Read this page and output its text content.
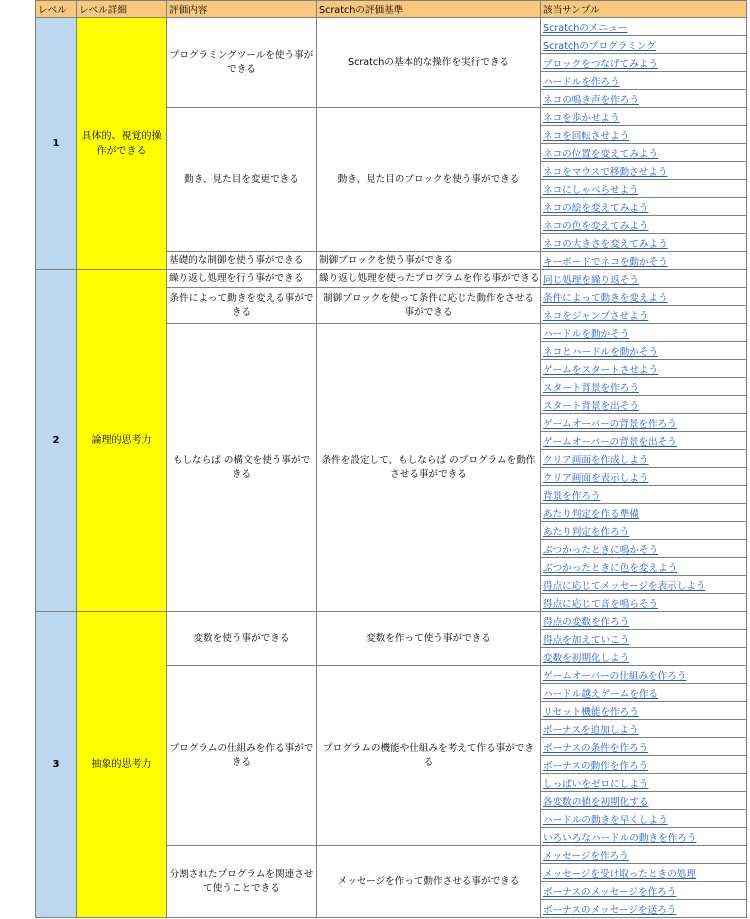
レベル	レベル詳細	評価内容	Scratchの評価基準	該当サンプル
1	具体的、視覚的操作ができる	プログラミングツールを使う事ができる	Scratchの基本的な操作を実行できる	Scratchのメニュー
				Scratchのプログラミング
				ブロックをつなげてみよう
				ハードルを作ろう
				ネコの鳴き声を作ろう
		動き、見た目を変更できる	動き、見た目のブロックを使う事ができる	ネコを歩かせよう
				ネコを回転させよう
				ネコの位置を変えてみよう
				ネコをマウスで移動させよう
				ネコにしゃべらせよう
				ネコの絵を変えてみよう
				ネコの色を変えてみよう
				ネコの大きさを変えてみよう
		基礎的な制御を使う事ができる	制御ブロックを使う事ができる	キーボードでネコを動かそう
2	論理的思考力	繰り返し処理を行う事ができる	繰り返し処理を使ったプログラムを作る事ができる	同じ処理を繰り返そう
		条件によって動きを変える事ができる	制御ブロックを使って条件に応じた動作をさせる事ができる	条件によって動きを変えよう
				ネコをジャンプさせよう
		もしならば の構文を使う事ができる	条件を設定して、もしならば のプログラムを動作させる事ができる	ハードルを動かそう
				ネコとハードルを動かそう
				ゲームをスタートさせよう
				スタート背景を作ろう
				スタート背景を出そう
				ゲームオーバーの背景を作ろう
				ゲームオーバーの背景を出そう
				クリア画面を作成しよう
				クリア画面を表示しよう
				背景を作ろう
				あたり判定を作る準備
				あたり判定を作ろう
				ぶつかったときに鳴かそう
				ぶつかったときに色を変えよう
				得点に応じてメッセージを表示しよう
				得点に応じて音を鳴らそう
3	抽象的思考力	変数を使う事ができる	変数を作って使う事ができる	得点の変数を作ろう
				得点を加えていこう
				変数を初期化しよう
		プログラムの仕組みを作る事ができる	プログラムの機能や仕組みを考えて作る事ができる	ゲームオーバーの仕組みを作ろう
				ハードル越えゲームを作る
				リセット機能を作ろう
				ボーナスを追加しよう
				ボーナスの条件を作ろう
				ボーナスの動作を作ろう
				しっぱいをゼロにしよう
				各変数の値を初期化する
				ハードルの動きを早くしよう
				いろいろなハードルの動きを作ろう
		分割されたプログラムを関連させて使うことできる	メッセージを作って動作させる事ができる	メッセージを作ろう
				メッセージを受け取ったときの処理
				ボーナスのメッセージを作ろう
				ボーナスのメッセージを送ろう
